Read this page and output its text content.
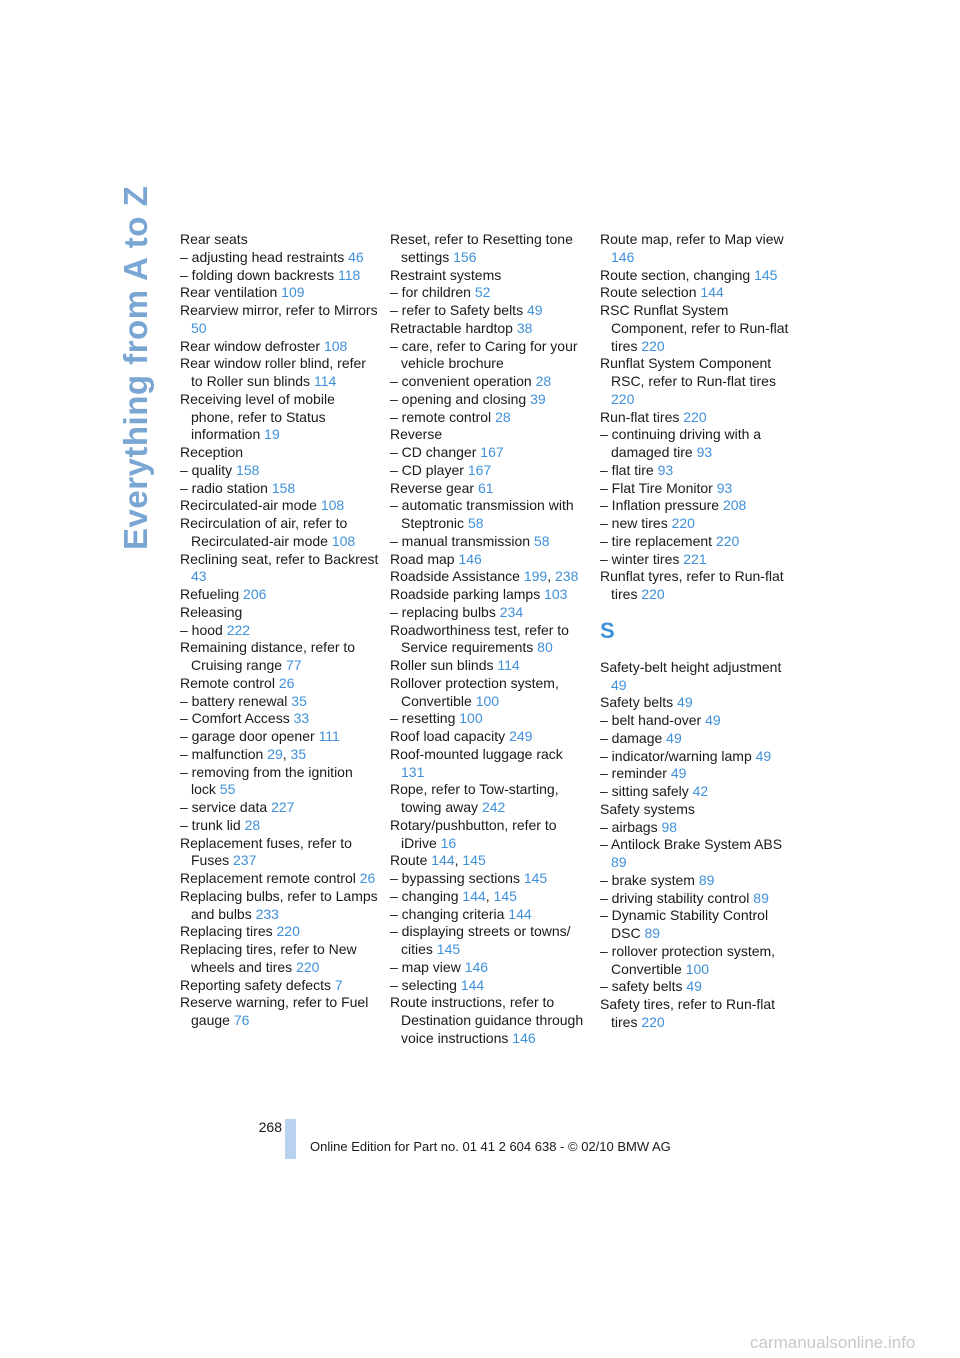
Everything from A to Z Rear seats
– adjusting head restraints 46
– folding down backrests 118
Rear ventilation 109
Rearview mirror, refer to Mirrors 50
Rear window defroster 108
Rear window roller blind, refer to Roller sun blinds 114
Receiving level of mobile phone, refer to Status information 19
Reception
– quality 158
– radio station 158
Recirculated-air mode 108
Recirculation of air, refer to Recirculated-air mode 108
Reclining seat, refer to Backrest 43
Refueling 206
Releasing
– hood 222
Remaining distance, refer to Cruising range 77
Remote control 26
– battery renewal 35
– Comfort Access 33
– garage door opener 111
– malfunction 29, 35
– removing from the ignition lock 55
– service data 227
– trunk lid 28
Replacement fuses, refer to Fuses 237
Replacement remote control 26
Replacing bulbs, refer to Lamps and bulbs 233
Replacing tires 220
Replacing tires, refer to New wheels and tires 220
Reporting safety defects 7
Reserve warning, refer to Fuel gauge 76
Reset, refer to Resetting tone settings 156
Restraint systems
– for children 52
– refer to Safety belts 49
Retractable hardtop 38
– care, refer to Caring for your vehicle brochure
– convenient operation 28
– opening and closing 39
– remote control 28
Reverse
– CD changer 167
– CD player 167
Reverse gear 61
– automatic transmission with Steptronic 58
– manual transmission 58
Road map 146
Roadside Assistance 199, 238
Roadside parking lamps 103
– replacing bulbs 234
Roadworthiness test, refer to Service requirements 80
Roller sun blinds 114
Rollover protection system, Convertible 100
– resetting 100
Roof load capacity 249
Roof-mounted luggage rack 131
Rope, refer to Tow-starting, towing away 242
Rotary/pushbutton, refer to iDrive 16
Route 144, 145
– bypassing sections 145
– changing 144, 145
– changing criteria 144
– displaying streets or towns/ cities 145
– map view 146
– selecting 144
Route instructions, refer to Destination guidance through voice instructions 146
Route map, refer to Map view 146
Route section, changing 145
Route selection 144
RSC Runflat System Component, refer to Run-flat tires 220
Runflat System Component RSC, refer to Run-flat tires 220
Run-flat tires 220
– continuing driving with a damaged tire 93
– flat tire 93
– Flat Tire Monitor 93
– Inflation pressure 208
– new tires 220
– tire replacement 220
– winter tires 221
Runflat tyres, refer to Run-flat tires 220
S
Safety-belt height adjustment 49
Safety belts 49
– belt hand-over 49
– damage 49
– indicator/warning lamp 49
– reminder 49
– sitting safely 42
Safety systems
– airbags 98
– Antilock Brake System ABS 89
– brake system 89
– driving stability control 89
– Dynamic Stability Control DSC 89
– rollover protection system, Convertible 100
– safety belts 49
Safety tires, refer to Run-flat tires 220
268
Online Edition for Part no. 01 41 2 604 638 - © 02/10 BMW AG
carmanualsonline.info
